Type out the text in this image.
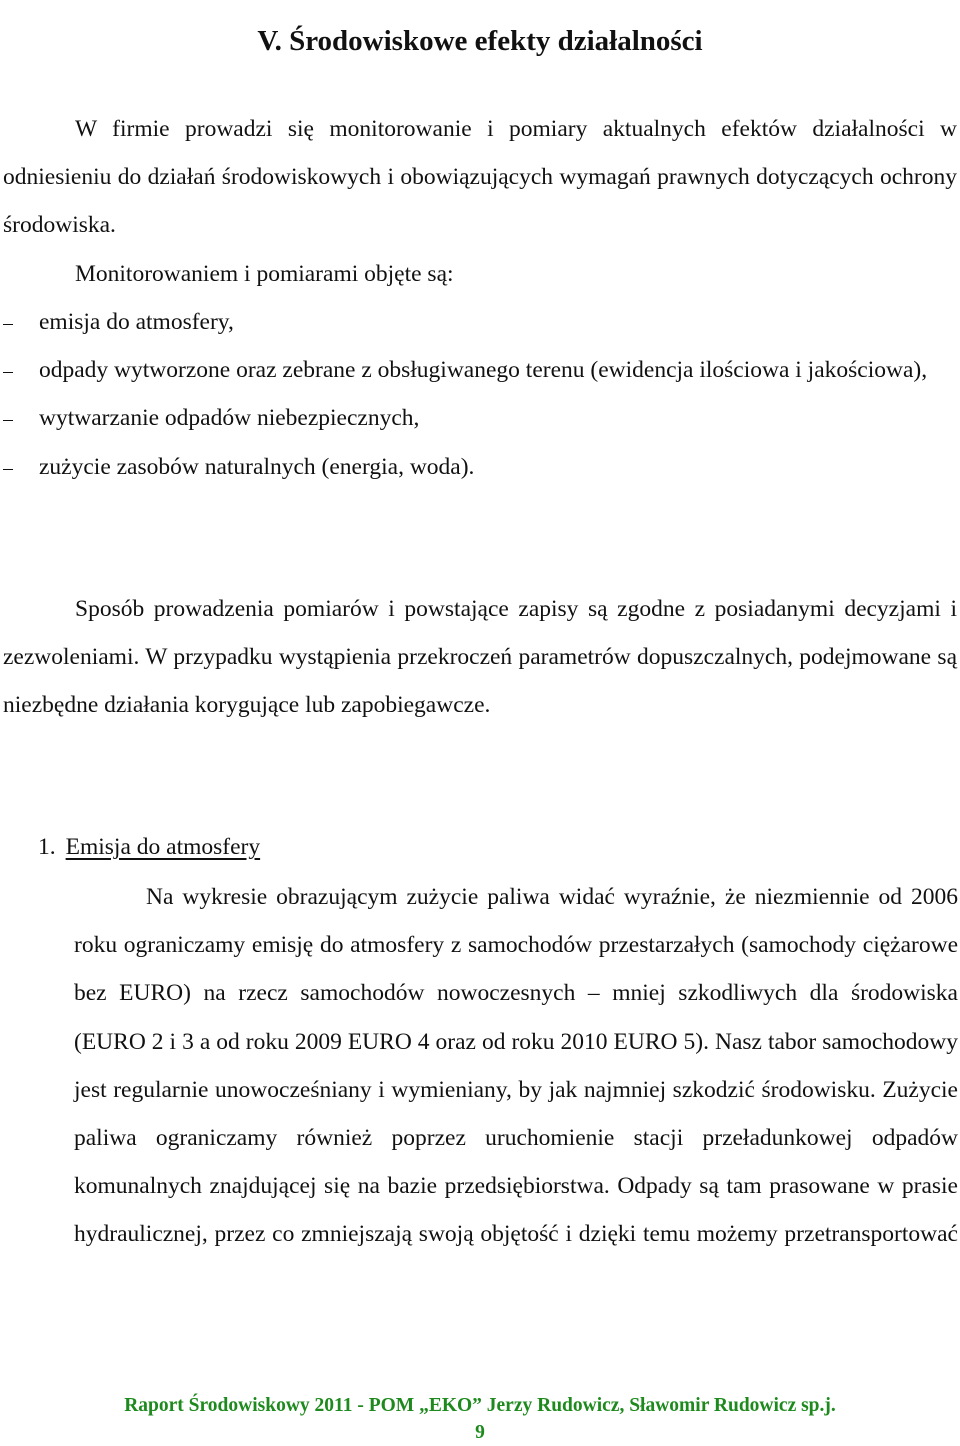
V. Środowiskowe efekty działalności

W firmie prowadzi się monitorowanie i pomiary aktualnych efektów działalności w odniesieniu do działań środowiskowych i obowiązujących wymagań prawnych dotyczących ochrony środowiska.

Monitorowaniem i pomiarami objęte są:

emisja do atmosfery,
odpady wytworzone oraz zebrane z obsługiwanego terenu (ewidencja ilościowa i jakościowa),
wytwarzanie odpadów niebezpiecznych,
zużycie zasobów naturalnych (energia, woda).

Sposób prowadzenia pomiarów i powstające zapisy są zgodne z posiadanymi decyzjami i zezwoleniami. W przypadku wystąpienia przekroczeń parametrów dopuszczalnych, podejmowane są niezbędne działania korygujące lub zapobiegawcze.

1. Emisja do atmosfery

Na wykresie obrazującym zużycie paliwa widać wyraźnie, że niezmiennie od 2006 roku ograniczamy emisję do atmosfery z samochodów przestarzałych (samochody ciężarowe bez EURO) na rzecz samochodów nowoczesnych – mniej szkodliwych dla środowiska (EURO 2 i 3 a od roku 2009 EURO 4 oraz od roku 2010 EURO 5). Nasz tabor samochodowy jest regularnie unowocześniany i wymieniany, by jak najmniej szkodzić środowisku. Zużycie paliwa ograniczamy również poprzez uruchomienie stacji przeładunkowej odpadów komunalnych znajdującej się na bazie przedsiębiorstwa. Odpady są tam prasowane w prasie hydraulicznej, przez co zmniejszają swoją objętość i dzięki temu możemy przetransportować

Raport Środowiskowy 2011 - POM „EKO” Jerzy Rudowicz, Sławomir Rudowicz sp.j.
9
